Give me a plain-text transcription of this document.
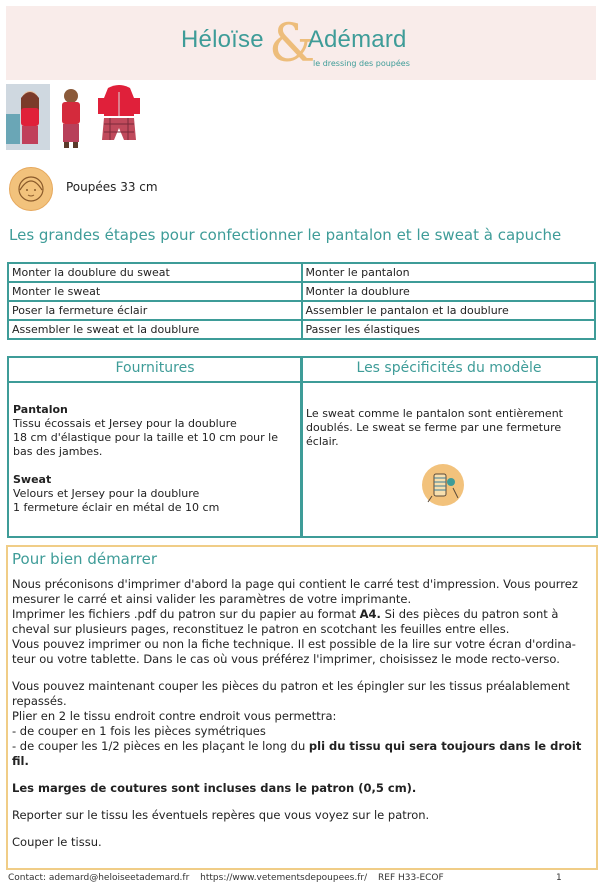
&
Héloïse Adémard
le dressing des poupées
Poupées 33 cm
Les grandes étapes pour confectionner le pantalon et le sweat à capuche
Monter la doublure du sweat	Monter le pantalon
Monter le sweat	Monter la doublure
Poser la fermeture éclair	Assembler le pantalon et la doublure
Assembler le sweat et la doublure	Passer les élastiques
Fournitures
Pantalon
Tissu écossais et Jersey pour la doublure
18 cm d'élastique pour la taille et 10 cm pour le
bas des jambes.
Sweat
Velours et Jersey pour la doublure
1 fermeture éclair en métal de 10 cm
Les spécificités du modèle
Le sweat comme le pantalon sont entièrement doublés. Le sweat se ferme par une fermeture éclair.
Pour bien démarrer

Nous préconisons d'imprimer d'abord la page qui contient le carré test d'impression. Vous pourrez mesurer le carré et ainsi valider les paramètres de votre imprimante.

Imprimer les fichiers .pdf du patron sur du papier au format A4. Si des pièces du patron sont à cheval sur plusieurs pages, reconstituez le patron en scotchant les feuilles entre elles.

Vous pouvez imprimer ou non la fiche technique. Il est possible de la lire sur votre écran d'ordina-teur ou votre tablette. Dans le cas où vous préférez l'imprimer, choisissez le mode recto-verso.

Vous pouvez maintenant couper les pièces du patron et les épingler sur les tissus préalablement repassés.

Plier en 2 le tissu endroit contre endroit vous permettra:

- de couper en 1 fois les pièces symétriques

- de couper les 1/2 pièces en les plaçant le long du pli du tissu qui sera toujours dans le droit fil.

Les marges de coutures sont incluses dans le patron (0,5 cm).

Reporter sur le tissu les éventuels repères que vous voyez sur le patron.

Couper le tissu.

Contact: ademard@heloiseetademard.fr https://www.vetementsdepoupees.fr/ REF H33-ECOF	1
